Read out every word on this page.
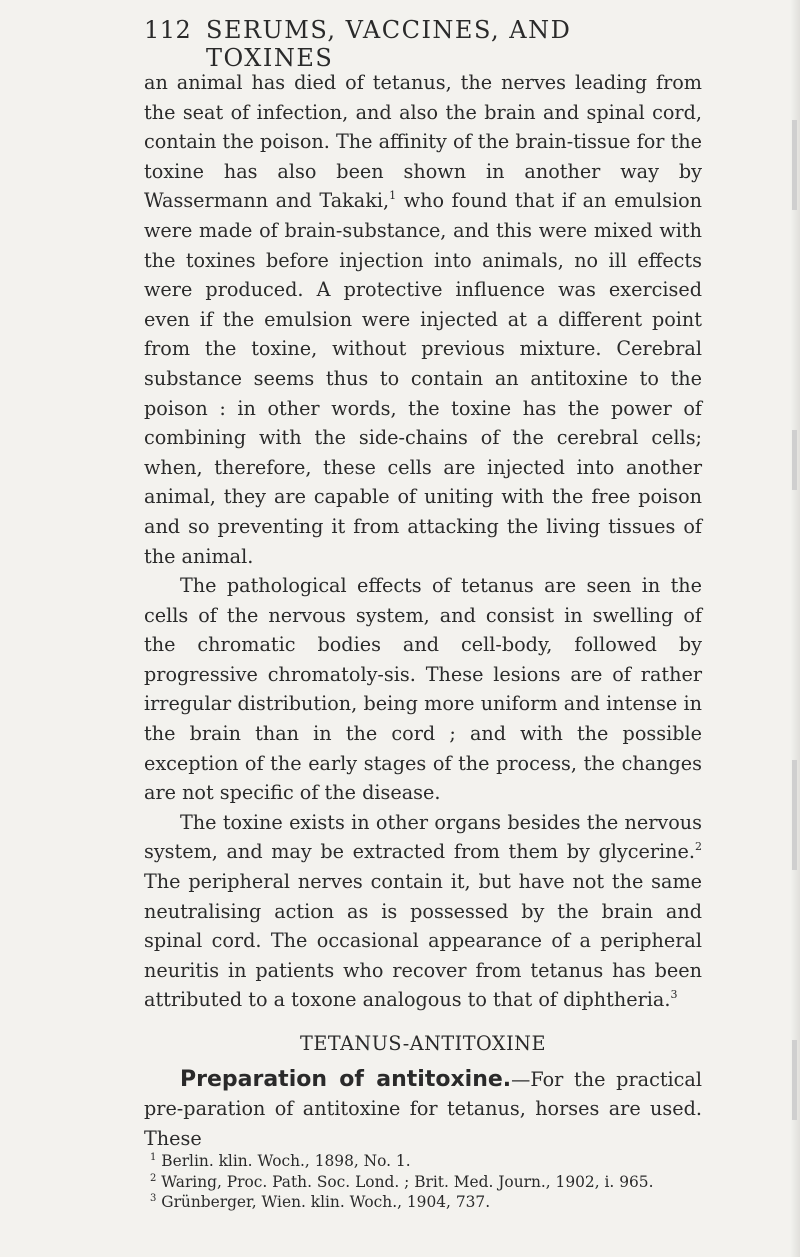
112 SERUMS, VACCINES, AND TOXINES

an animal has died of tetanus, the nerves leading from the seat of infection, and also the brain and spinal cord, contain the poison. The affinity of the brain-tissue for the toxine has also been shown in another way by Wassermann and Takaki,$^1$ who found that if an emulsion were made of brain-substance, and this were mixed with the toxines before injection into animals, no ill effects were produced. A protective influence was exercised even if the emulsion were injected at a different point from the toxine, without previous mixture. Cerebral substance seems thus to contain an antitoxine to the poison : in other words, the toxine has the power of combining with the side-chains of the cerebral cells; when, therefore, these cells are injected into another animal, they are capable of uniting with the free poison and so preventing it from attacking the living tissues of the animal.

The pathological effects of tetanus are seen in the cells of the nervous system, and consist in swelling of the chromatic bodies and cell-body, followed by progressive chromatoly-sis. These lesions are of rather irregular distribution, being more uniform and intense in the brain than in the cord ; and with the possible exception of the early stages of the process, the changes are not specific of the disease.

The toxine exists in other organs besides the nervous system, and may be extracted from them by glycerine.$^2$ The peripheral nerves contain it, but have not the same neutralising action as is possessed by the brain and spinal cord. The occasional appearance of a peripheral neuritis in patients who recover from tetanus has been attributed to a toxone analogous to that of diphtheria.$^3$

TETANUS-ANTITOXINE

Preparation of antitoxine.—For the practical pre-paration of antitoxine for tetanus, horses are used. These

$^1$ Berlin. klin. Woch., 1898, No. 1.
$^2$ Waring, Proc. Path. Soc. Lond. ; Brit. Med. Journ., 1902, i. 965.
$^3$ Grünberger, Wien. klin. Woch., 1904, 737.
